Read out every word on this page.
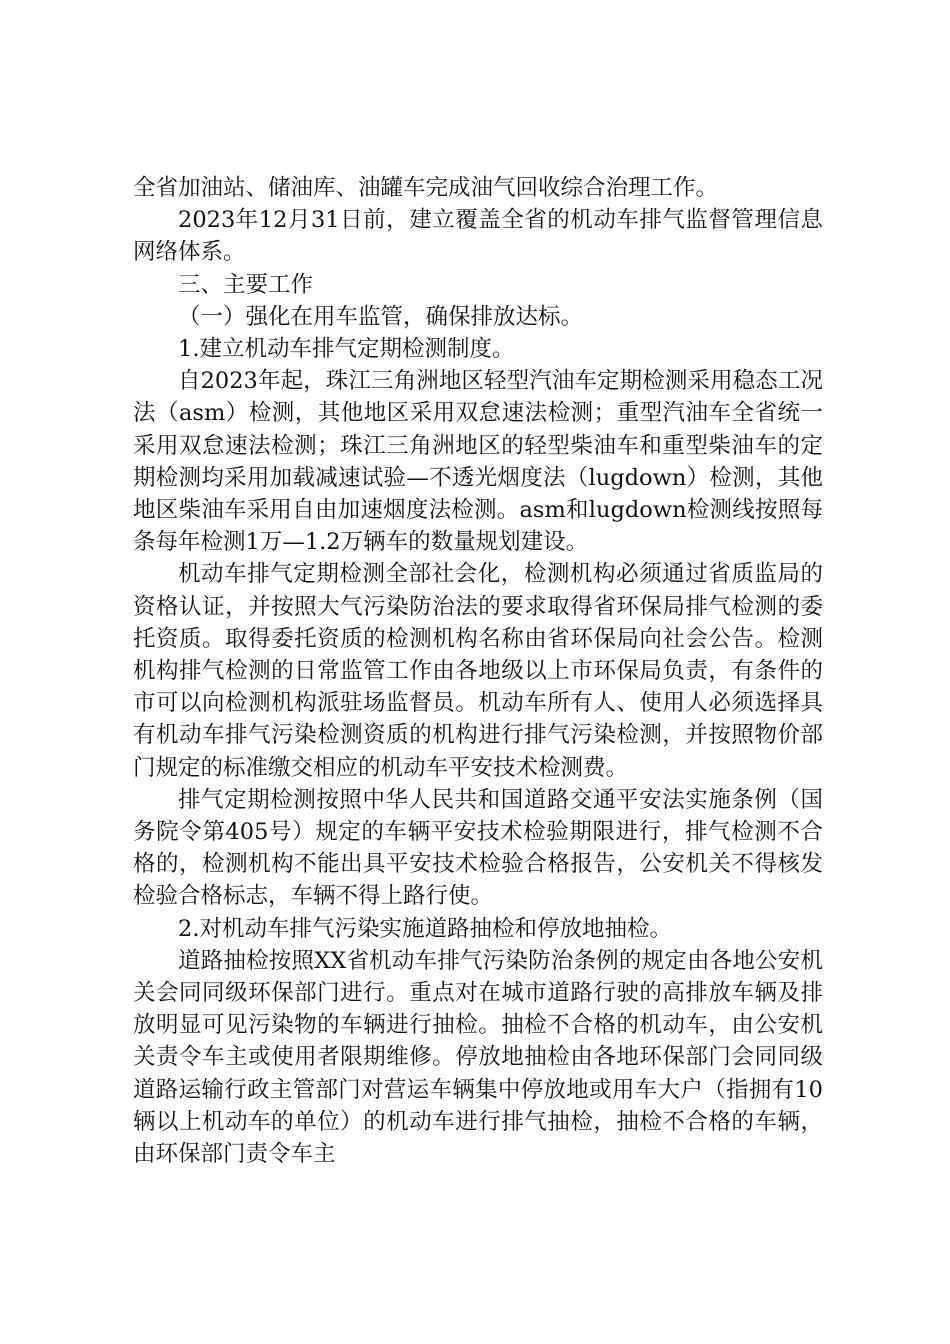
全省加油站、储油库、油罐车完成油气回收综合治理工作。

2023年12月31日前，建立覆盖全省的机动车排气监督管理信息网络体系。

三、主要工作

（一）强化在用车监管，确保排放达标。

1.建立机动车排气定期检测制度。

自2023年起，珠江三角洲地区轻型汽油车定期检测采用稳态工况法（asm）检测，其他地区采用双怠速法检测；重型汽油车全省统一采用双怠速法检测；珠江三角洲地区的轻型柴油车和重型柴油车的定期检测均采用加载减速试验—不透光烟度法（lugdown）检测，其他地区柴油车采用自由加速烟度法检测。asm和lugdown检测线按照每条每年检测1万—1.2万辆车的数量规划建设。

机动车排气定期检测全部社会化，检测机构必须通过省质监局的资格认证，并按照大气污染防治法的要求取得省环保局排气检测的委托资质。取得委托资质的检测机构名称由省环保局向社会公告。检测机构排气检测的日常监管工作由各地级以上市环保局负责，有条件的市可以向检测机构派驻场监督员。机动车所有人、使用人必须选择具有机动车排气污染检测资质的机构进行排气污染检测，并按照物价部门规定的标准缴交相应的机动车平安技术检测费。

排气定期检测按照中华人民共和国道路交通平安法实施条例（国务院令第405号）规定的车辆平安技术检验期限进行，排气检测不合格的，检测机构不能出具平安技术检验合格报告，公安机关不得核发检验合格标志，车辆不得上路行使。

2.对机动车排气污染实施道路抽检和停放地抽检。

道路抽检按照XX省机动车排气污染防治条例的规定由各地公安机关会同同级环保部门进行。重点对在城市道路行驶的高排放车辆及排放明显可见污染物的车辆进行抽检。抽检不合格的机动车，由公安机关责令车主或使用者限期维修。停放地抽检由各地环保部门会同同级道路运输行政主管部门对营运车辆集中停放地或用车大户（指拥有10辆以上机动车的单位）的机动车进行排气抽检，抽检不合格的车辆，由环保部门责令车主
